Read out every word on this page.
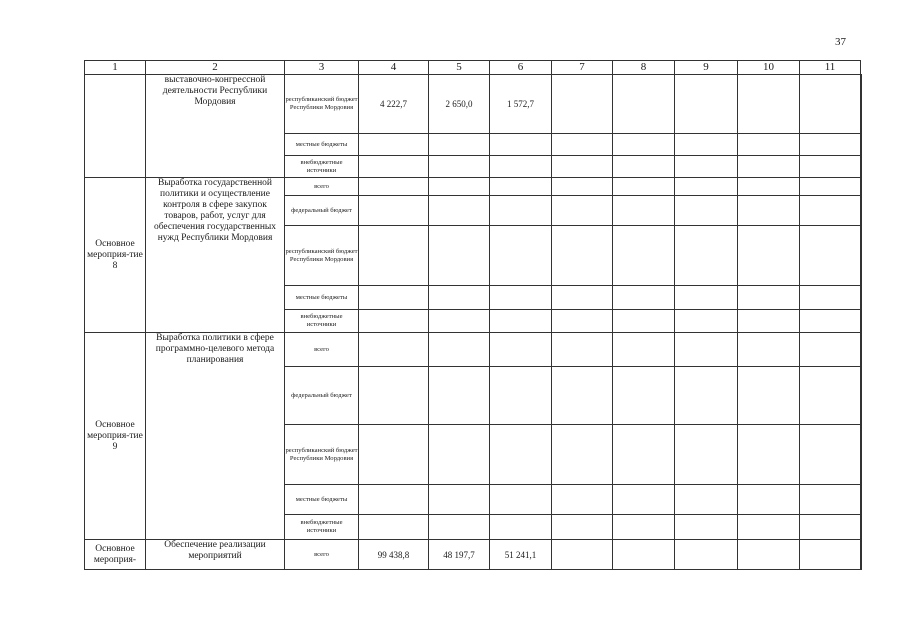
37
1	2	3	4	5	6	7	8	9	10	11	
	выставочно-конгрессной деятельности Республики Мордовия	республиканский бюджет Республики Мордовия	4 222,7	2 650,0	1 572,7						
		местные бюджеты									
		внебюджетные источники									
Основное мероприя-тие 8	Выработка государственной политики и осуществление контроля в сфере закупок товаров, работ, услуг для обеспечения государственных нужд Республики Мордовия	всего									
		федеральный бюджет									
		республиканский бюджет Республики Мордовия									
		местные бюджеты									
		внебюджетные источники									
Основное мероприя-тие 9	Выработка политики в сфере программно-целевого метода планирования	всего									
		федеральный бюджет									
		республиканский бюджет Республики Мордовия									
		местные бюджеты									
		внебюджетные источники									
Основное мероприя-	Обеспечение реализации мероприятий	всего	99 438,8	48 197,7	51 241,1						
